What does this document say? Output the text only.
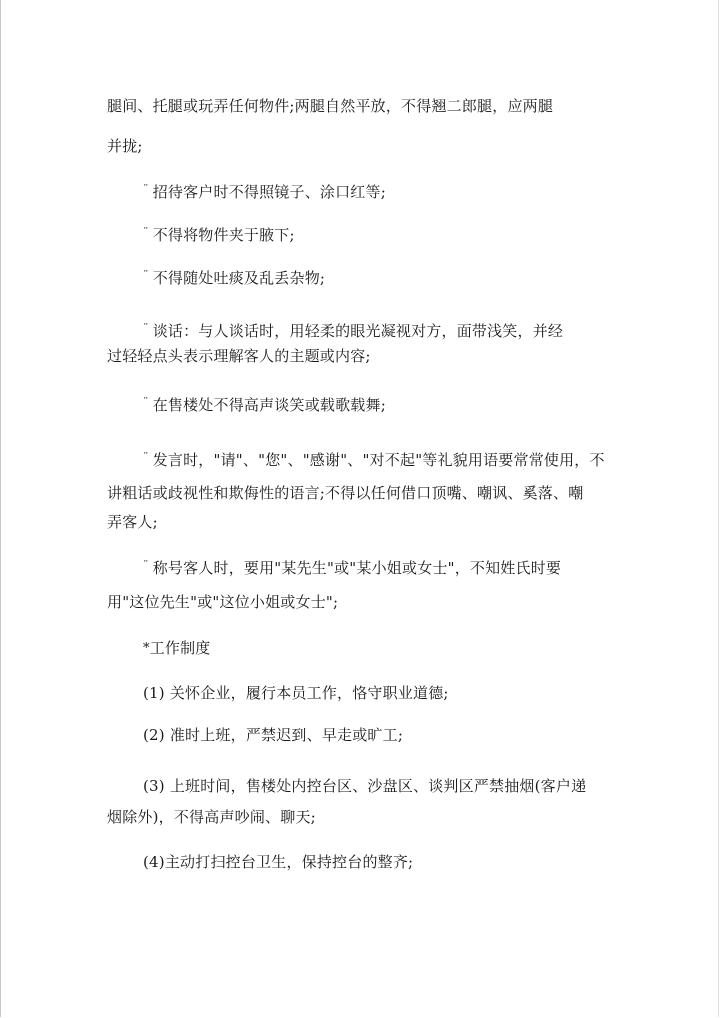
腿间、托腿或玩弄任何物件;两腿自然平放，不得翘二郎腿，应两腿
并拢;
¨ 招待客户时不得照镜子、涂口红等;
¨ 不得将物件夹于腋下;
¨ 不得随处吐痰及乱丢杂物;
¨ 谈话：与人谈话时，用轻柔的眼光凝视对方，面带浅笑，并经
过轻轻点头表示理解客人的主题或内容;
¨ 在售楼处不得高声谈笑或载歌载舞;
¨ 发言时，"请"、"您"、"感谢"、"对不起"等礼貌用语要常常使用，不
讲粗话或歧视性和欺侮性的语言;不得以任何借口顶嘴、嘲讽、奚落、嘲
弄客人;
¨ 称号客人时，要用"某先生"或"某小姐或女士"，不知姓氏时要
用"这位先生"或"这位小姐或女士";
*工作制度
(1) 关怀企业，履行本员工作，恪守职业道德;
(2) 准时上班，严禁迟到、早走或旷工;
(3) 上班时间，售楼处内控台区、沙盘区、谈判区严禁抽烟(客户递
烟除外)，不得高声吵闹、聊天;
(4)主动打扫控台卫生，保持控台的整齐;
